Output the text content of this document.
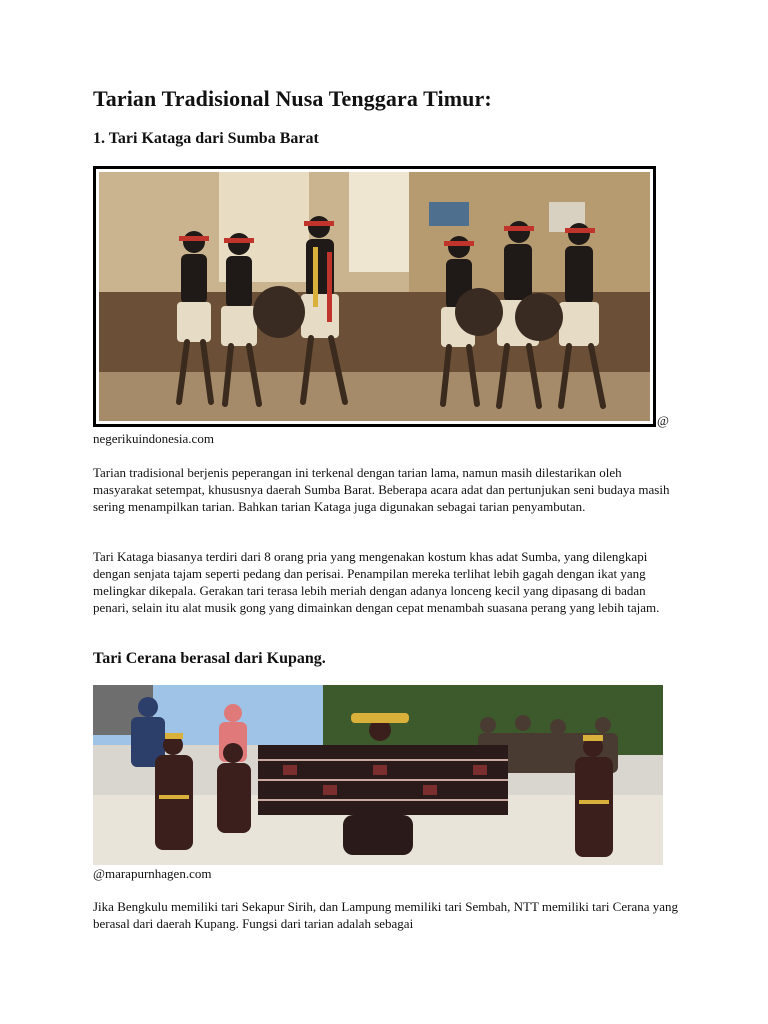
Tarian Tradisional Nusa Tenggara Timur:
1. Tari Kataga dari Sumba Barat
@
negerikuindonesia.com

Tarian tradisional berjenis peperangan ini terkenal dengan tarian lama, namun masih dilestarikan oleh masyarakat setempat, khususnya daerah Sumba Barat. Beberapa acara adat dan pertunjukan seni budaya masih sering menampilkan tarian. Bahkan tarian Kataga juga digunakan sebagai tarian penyambutan.

Tari Kataga biasanya terdiri dari 8 orang pria yang mengenakan kostum khas adat Sumba, yang dilengkapi dengan senjata tajam seperti pedang dan perisai. Penampilan mereka terlihat lebih gagah dengan ikat yang melingkar dikepala. Gerakan tari terasa lebih meriah dengan adanya lonceng kecil yang dipasang di badan penari, selain itu alat musik gong yang dimainkan dengan cepat menambah suasana perang yang lebih tajam.

Tari Cerana berasal dari Kupang.
@marapurnhagen.com

Jika Bengkulu memiliki tari Sekapur Sirih, dan Lampung memiliki tari Sembah, NTT memiliki tari Cerana yang berasal dari daerah Kupang. Fungsi dari tarian adalah sebagai
